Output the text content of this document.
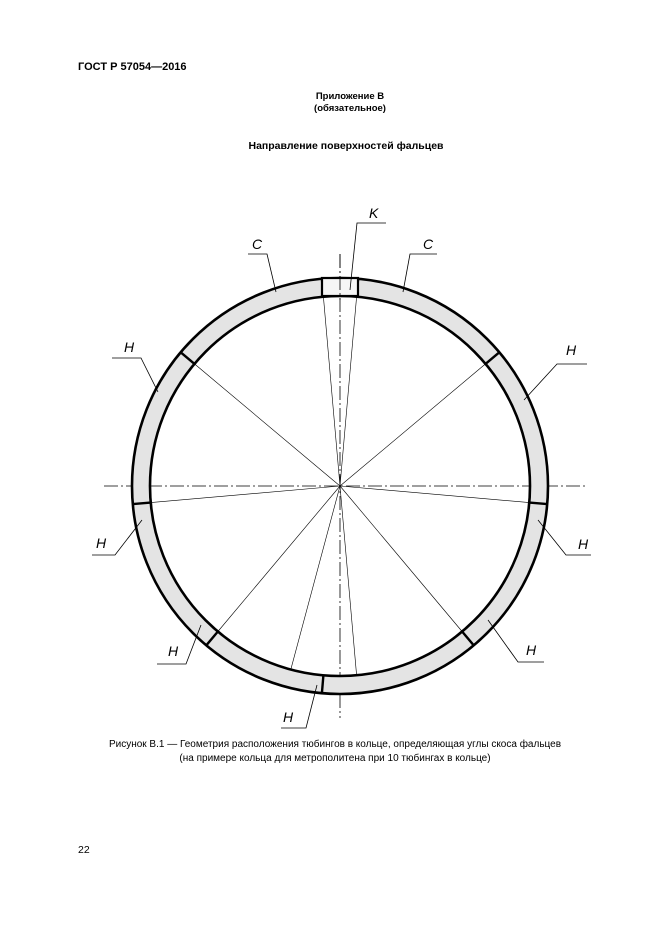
ГОСТ Р 57054—2016
Приложение В
(обязательное)
Направление поверхностей фальцев
K
C	C
H	H
H	H
H	H
H
Рисунок В.1 — Геометрия расположения тюбингов в кольце, определяющая углы скоса фальцев
(на примере кольца для метрополитена при 10 тюбингах в кольце)
22
